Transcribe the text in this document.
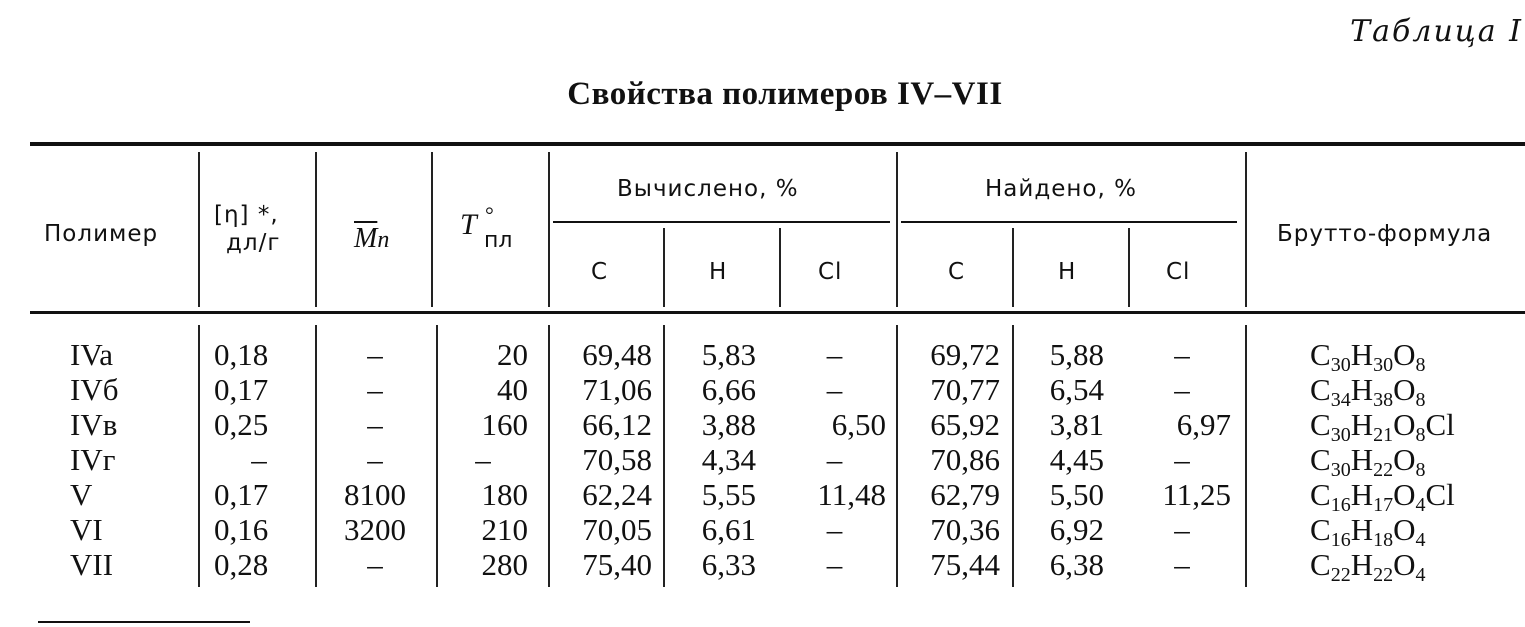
Таблица I
Свойства полимеров IV–VII
Полимер
[η] *,
дл/г	$\overline{M}n$ T °
пл
Вычислено, %	Найдено, %
C	H	Cl	C	H	Cl
Брутто-формула
IVa	0,18	–	20	69,48	5,83	–	69,72	5,88	–	$C_{30}H_{30}O_8$
IVб	0,17	–	40	71,06	6,66	–	70,77	6,54	–	$C_{34}H_{38}O_8$
IVв	0,25	–	160	66,12	3,88	6,50	65,92	3,81	6,97	$C_{30}H_{21}O_8Cl$
IVг	–	–	–	70,58	4,34	–	70,86	4,45	–	$C_{30}H_{22}O_8$
V	0,17	8100	180	62,24	5,55	11,48	62,79	5,50	11,25	$C_{16}H_{17}O_4Cl$
VI	0,16	3200	210	70,05	6,61	–	70,36	6,92	–	$C_{16}H_{18}O_4$
VII	0,28	–	280	75,40	6,33	–	75,44	6,38	–	$C_{22}H_{22}O_4$
